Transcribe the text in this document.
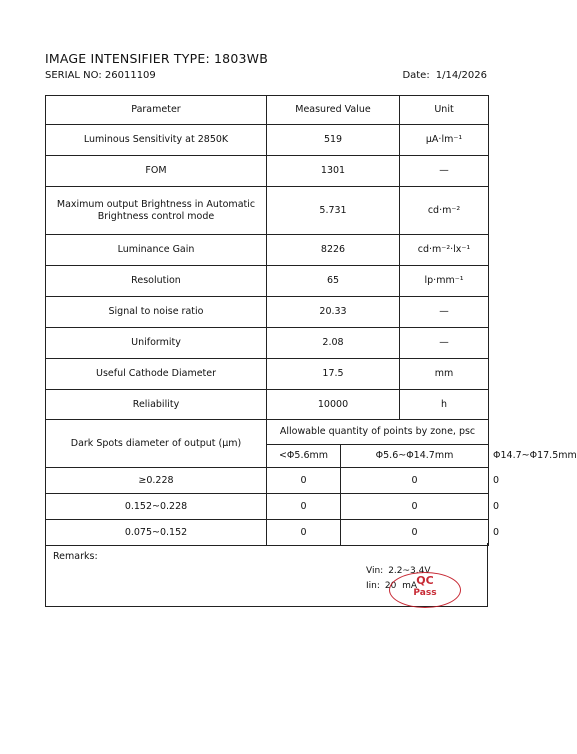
IMAGE INTENSIFIER TYPE: 1803WB
SERIAL NO: 26011109	Date: 1/14/2026
Parameter	Measured Value		Unit	
Luminous Sensitivity at 2850K	519		μA·lm⁻¹	
FOM	1301		—	
Maximum output Brightness in Automatic Brightness control mode	5.731		cd·m⁻²	
Luminance Gain	8226		cd·m⁻²·lx⁻¹	
Resolution	65		lp·mm⁻¹	
Signal to noise ratio	20.33		—	
Uniformity	2.08		—	
Useful Cathode Diameter	17.5		mm	
Reliability	10000		h	
Dark Spots diameter of output (μm)	Allowable quantity of points by zone, psc			
	<Φ5.6mm	Φ5.6~Φ14.7mm		Φ14.7~Φ17.5mm
≥0.228	0	0		0
0.152~0.228	0	0		0
0.075~0.152	0	0		0
Remarks:
Vin: 2.2~3.4V
Iin: 20  mA QC
Pass
